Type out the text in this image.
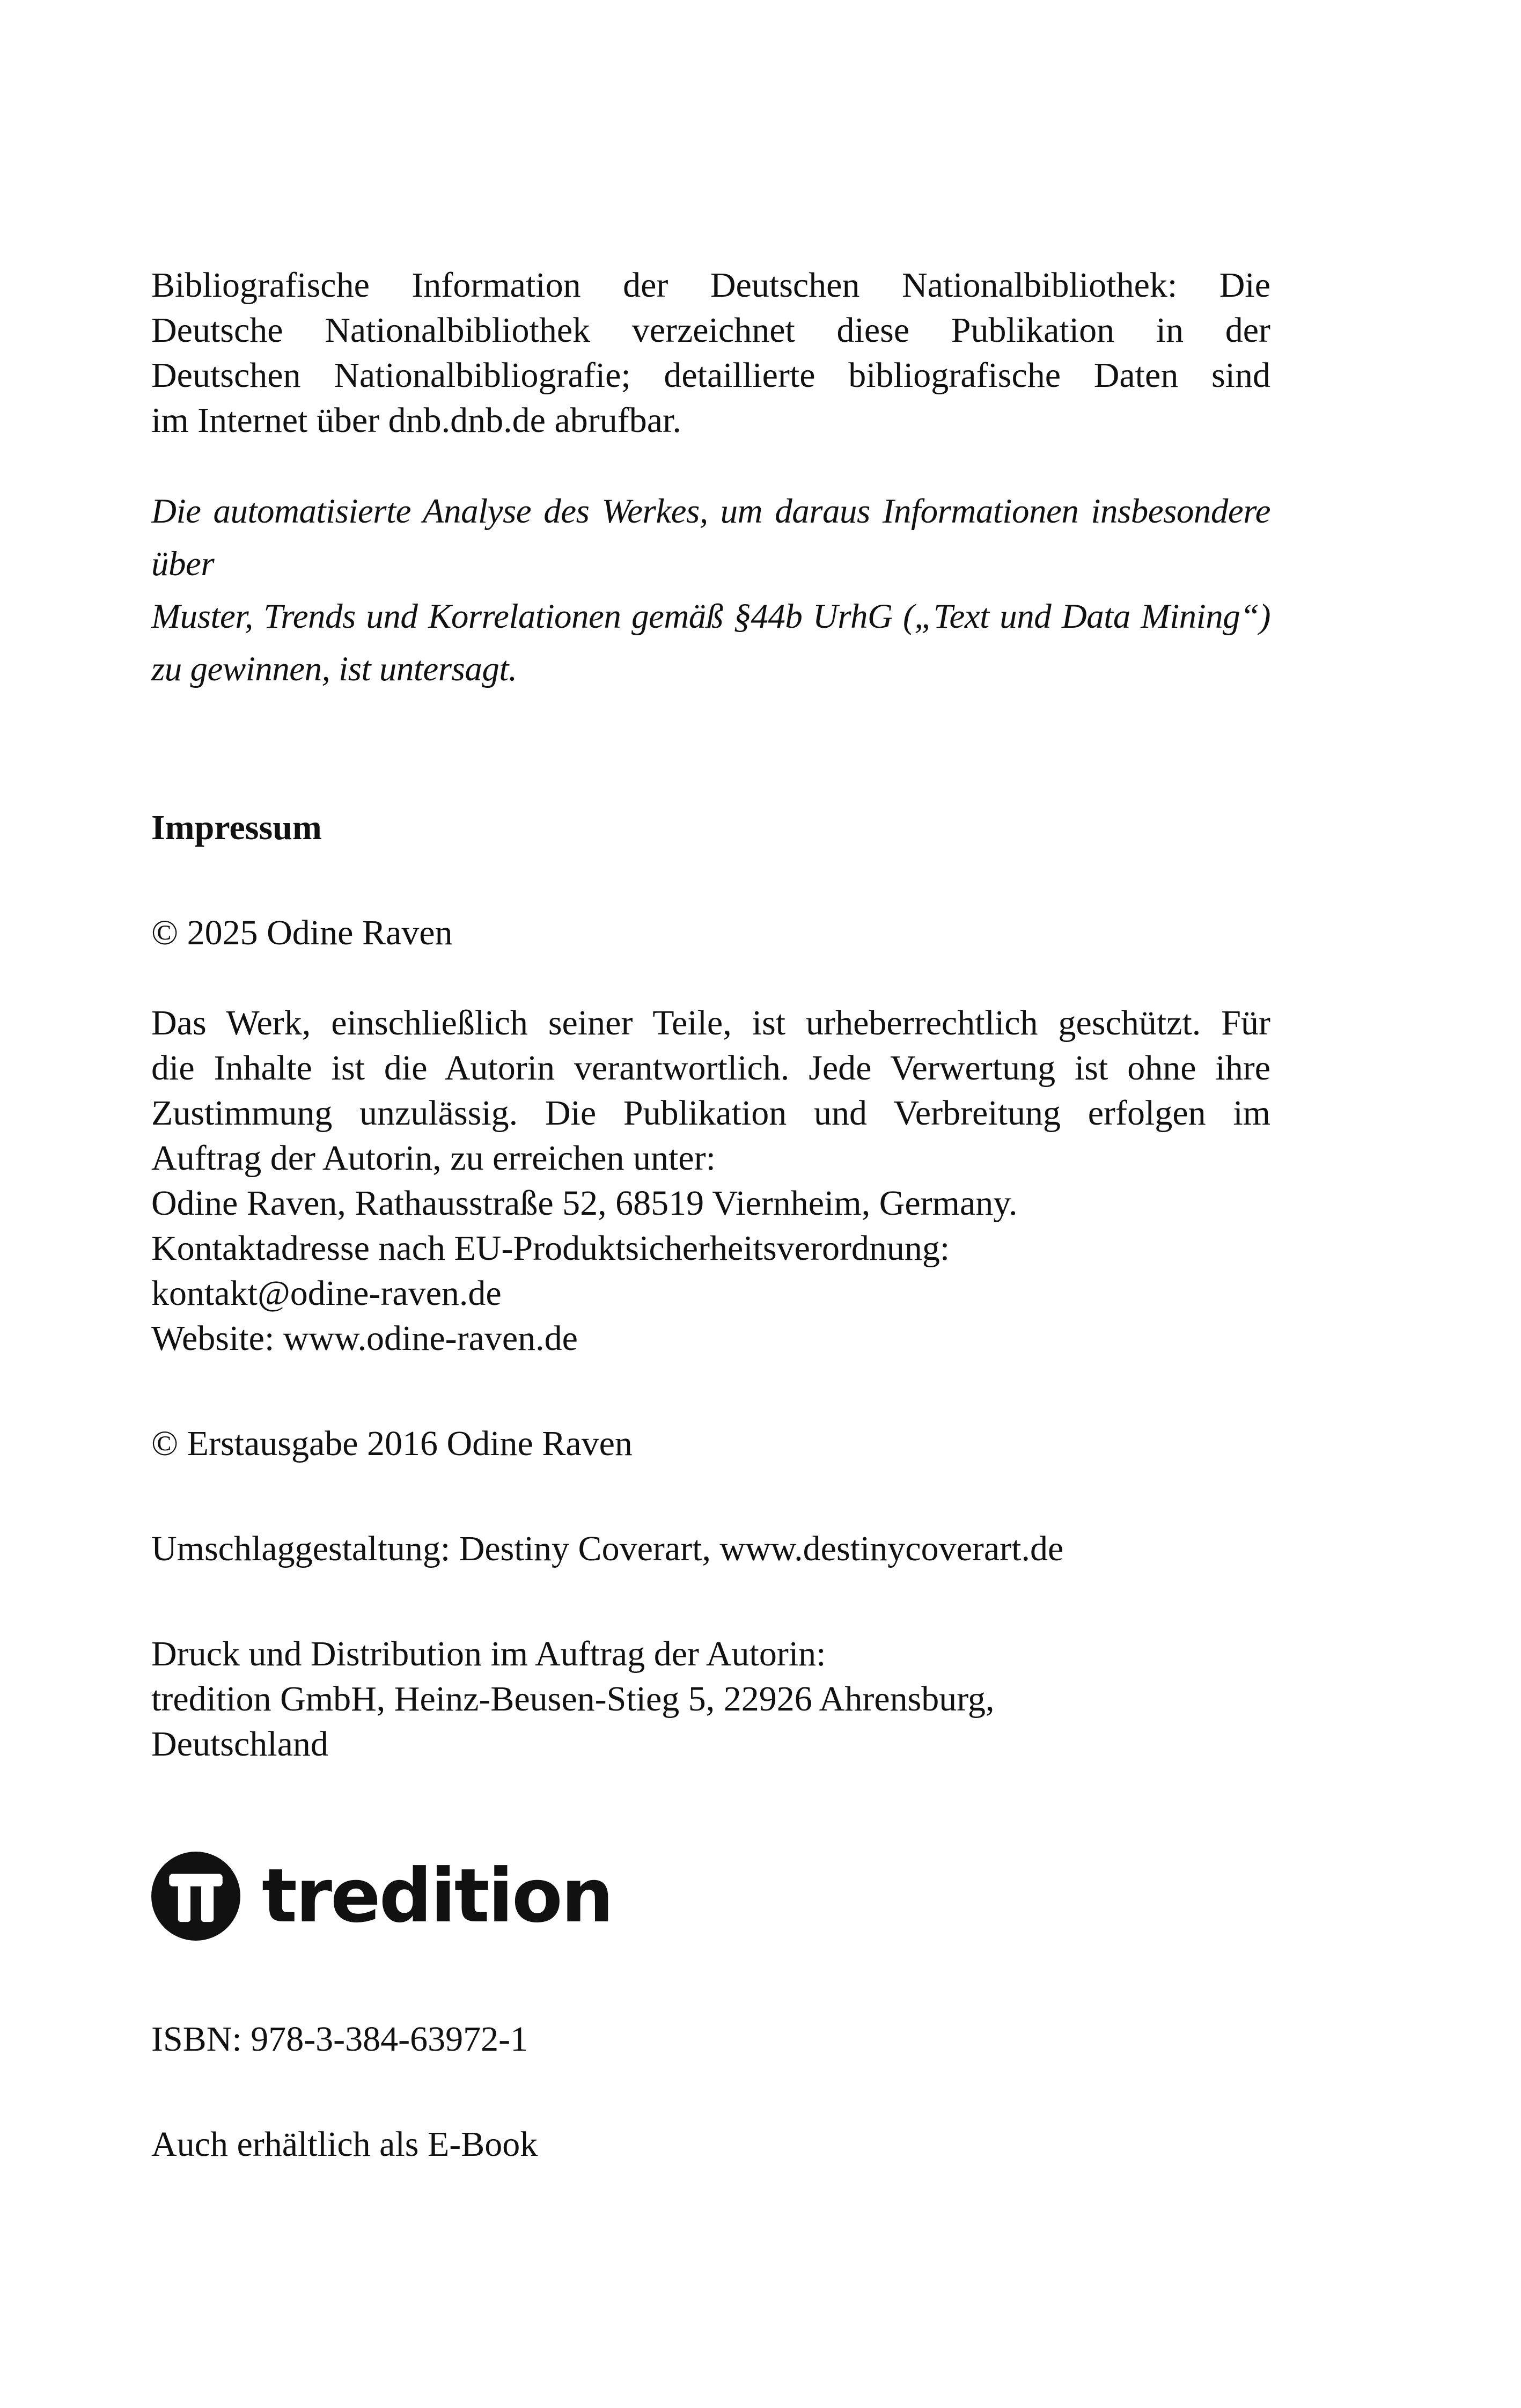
Bibliografische Information der Deutschen Nationalbibliothek: Die
Deutsche Nationalbibliothek verzeichnet diese Publikation in der
Deutschen Nationalbibliografie; detaillierte bibliografische Daten sind
im Internet über dnb.dnb.de abrufbar.

Die automatisierte Analyse des Werkes, um daraus Informationen insbesondere über
Muster, Trends und Korrelationen gemäß §44b UrhG („Text und Data Mining“)
zu gewinnen, ist untersagt.

Impressum

© 2025 Odine Raven

Das Werk, einschließlich seiner Teile, ist urheberrechtlich geschützt. Für
die Inhalte ist die Autorin verantwortlich. Jede Verwertung ist ohne ihre
Zustimmung unzulässig. Die Publikation und Verbreitung erfolgen im
Auftrag der Autorin, zu erreichen unter:
Odine Raven, Rathausstraße 52, 68519 Viernheim, Germany.
Kontaktadresse nach EU-Produktsicherheitsverordnung:
kontakt@odine-raven.de
Website: www.odine-raven.de

© Erstausgabe 2016 Odine Raven

Umschlaggestaltung: Destiny Coverart, www.destinycoverart.de

Druck und Distribution im Auftrag der Autorin:
tredition GmbH, Heinz-Beusen-Stieg 5, 22926 Ahrensburg,
Deutschland

tredition

ISBN: 978-3-384-63972-1

Auch erhältlich als E-Book
